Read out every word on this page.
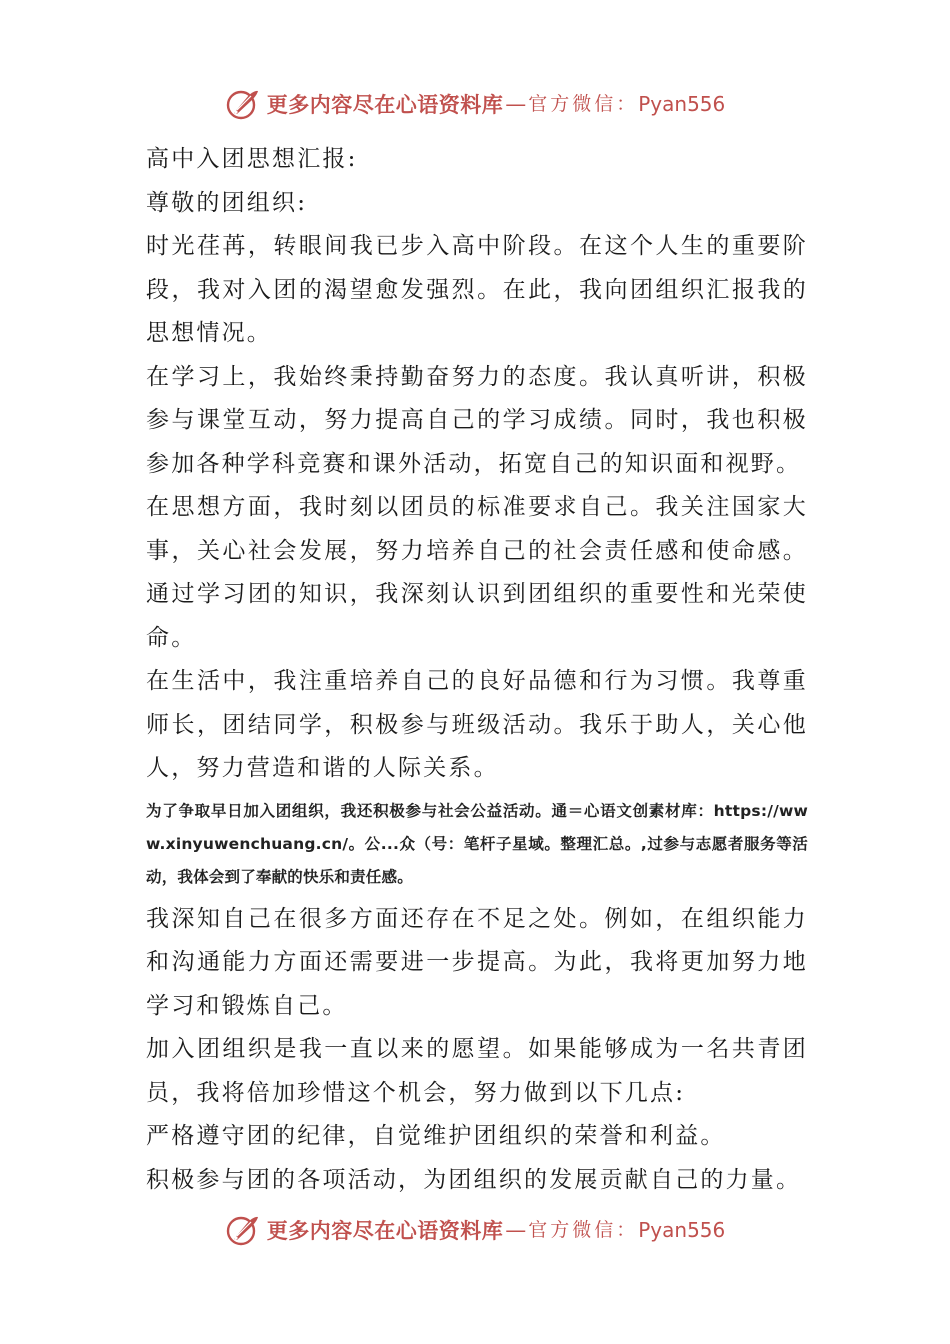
更多内容尽在心语资料库 — 官方微信： Pyan556

高中入团思想汇报:

尊敬的团组织:

时光荏苒，转眼间我已步入高中阶段。在这个人生的重要阶段，我对入团的渴望愈发强烈。在此，我向团组织汇报我的思想情况。

在学习上，我始终秉持勤奋努力的态度。我认真听讲，积极参与课堂互动，努力提高自己的学习成绩。同时，我也积极参加各种学科竞赛和课外活动，拓宽自己的知识面和视野。

在思想方面，我时刻以团员的标准要求自己。我关注国家大事，关心社会发展，努力培养自己的社会责任感和使命感。通过学习团的知识，我深刻认识到团组织的重要性和光荣使命。

在生活中，我注重培养自己的良好品德和行为习惯。我尊重师长，团结同学，积极参与班级活动。我乐于助人，关心他人，努力营造和谐的人际关系。

为了争取早日加入团组织，我还积极参与社会公益活动。通＝心语文创素材库：https://www.xinyuwenchuang.cn/。公...众（号：笔杆子星域。整理汇总。,过参与志愿者服务等活动，我体会到了奉献的快乐和责任感。

我深知自己在很多方面还存在不足之处。例如，在组织能力和沟通能力方面还需要进一步提高。为此，我将更加努力地学习和锻炼自己。

加入团组织是我一直以来的愿望。如果能够成为一名共青团员，我将倍加珍惜这个机会，努力做到以下几点:

严格遵守团的纪律，自觉维护团组织的荣誉和利益。

积极参与团的各项活动，为团组织的发展贡献自己的力量。

更多内容尽在心语资料库 — 官方微信： Pyan556
